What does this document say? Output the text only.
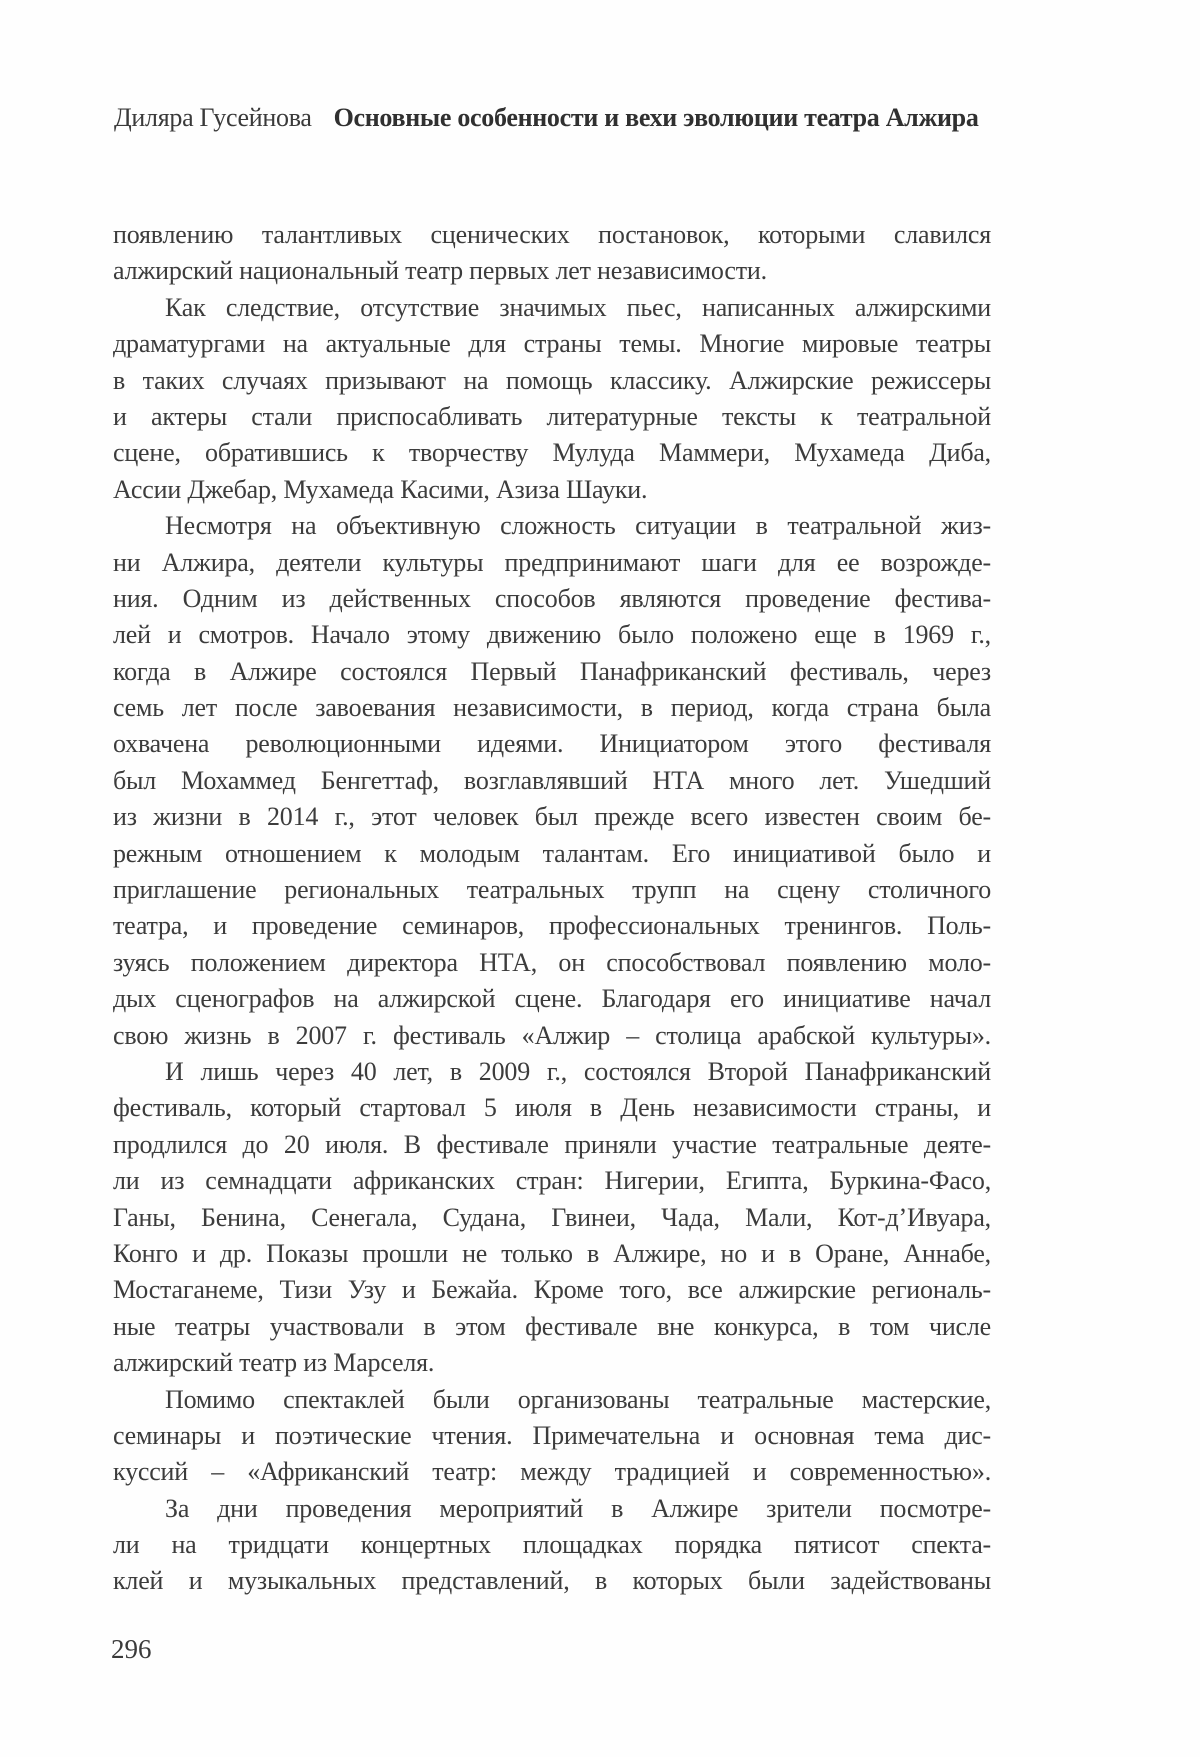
Диляра Гусейнова Основные особенности и вехи эволюции театра Алжира
появлению талантливых сценических постановок, которыми славился
алжирский национальный театр первых лет независимости.
Как следствие, отсутствие значимых пьес, написанных алжирскими
драматургами на актуальные для страны темы. Многие мировые театры
в таких случаях призывают на помощь классику. Алжирские режиссеры
и актеры стали приспосабливать литературные тексты к театральной
сцене, обратившись к творчеству Мулуда Маммери, Мухамеда Диба,
Ассии Джебар, Мухамеда Касими, Азиза Шауки.
Несмотря на объективную сложность ситуации в театральной жиз-
ни Алжира, деятели культуры предпринимают шаги для ее возрожде-
ния. Одним из действенных способов являются проведение фестива-
лей и смотров. Начало этому движению было положено еще в 1969 г.,
когда в Алжире состоялся Первый Панафриканский фестиваль, через
семь лет после завоевания независимости, в период, когда страна была
охвачена революционными идеями. Инициатором этого фестиваля
был Мохаммед Бенгеттаф, возглавлявший НТА много лет. Ушедший
из жизни в 2014 г., этот человек был прежде всего известен своим бе-
режным отношением к молодым талантам. Его инициативой было и
приглашение региональных театральных трупп на сцену столичного
театра, и проведение семинаров, профессиональных тренингов. Поль-
зуясь положением директора НТА, он способствовал появлению моло-
дых сценографов на алжирской сцене. Благодаря его инициативе начал
свою жизнь в 2007 г. фестиваль «Алжир – столица арабской культуры».
И лишь через 40 лет, в 2009 г., состоялся Второй Панафриканский
фестиваль, который стартовал 5 июля в День независимости страны, и
продлился до 20 июля. В фестивале приняли участие театральные деяте-
ли из семнадцати африканских стран: Нигерии, Египта, Буркина-Фасо,
Ганы, Бенина, Сенегала, Судана, Гвинеи, Чада, Мали, Кот-д’Ивуара,
Конго и др. Показы прошли не только в Алжире, но и в Оране, Аннабе,
Мостаганеме, Тизи Узу и Бежайа. Кроме того, все алжирские региональ-
ные театры участвовали в этом фестивале вне конкурса, в том числе
алжирский театр из Марселя.
Помимо спектаклей были организованы театральные мастерские,
семинары и поэтические чтения. Примечательна и основная тема дис-
куссий – «Африканский театр: между традицией и современностью».
За дни проведения мероприятий в Алжире зрители посмотре-
ли на тридцати концертных площадках порядка пятисот спекта-
клей и музыкальных представлений, в которых были задействованы
296
